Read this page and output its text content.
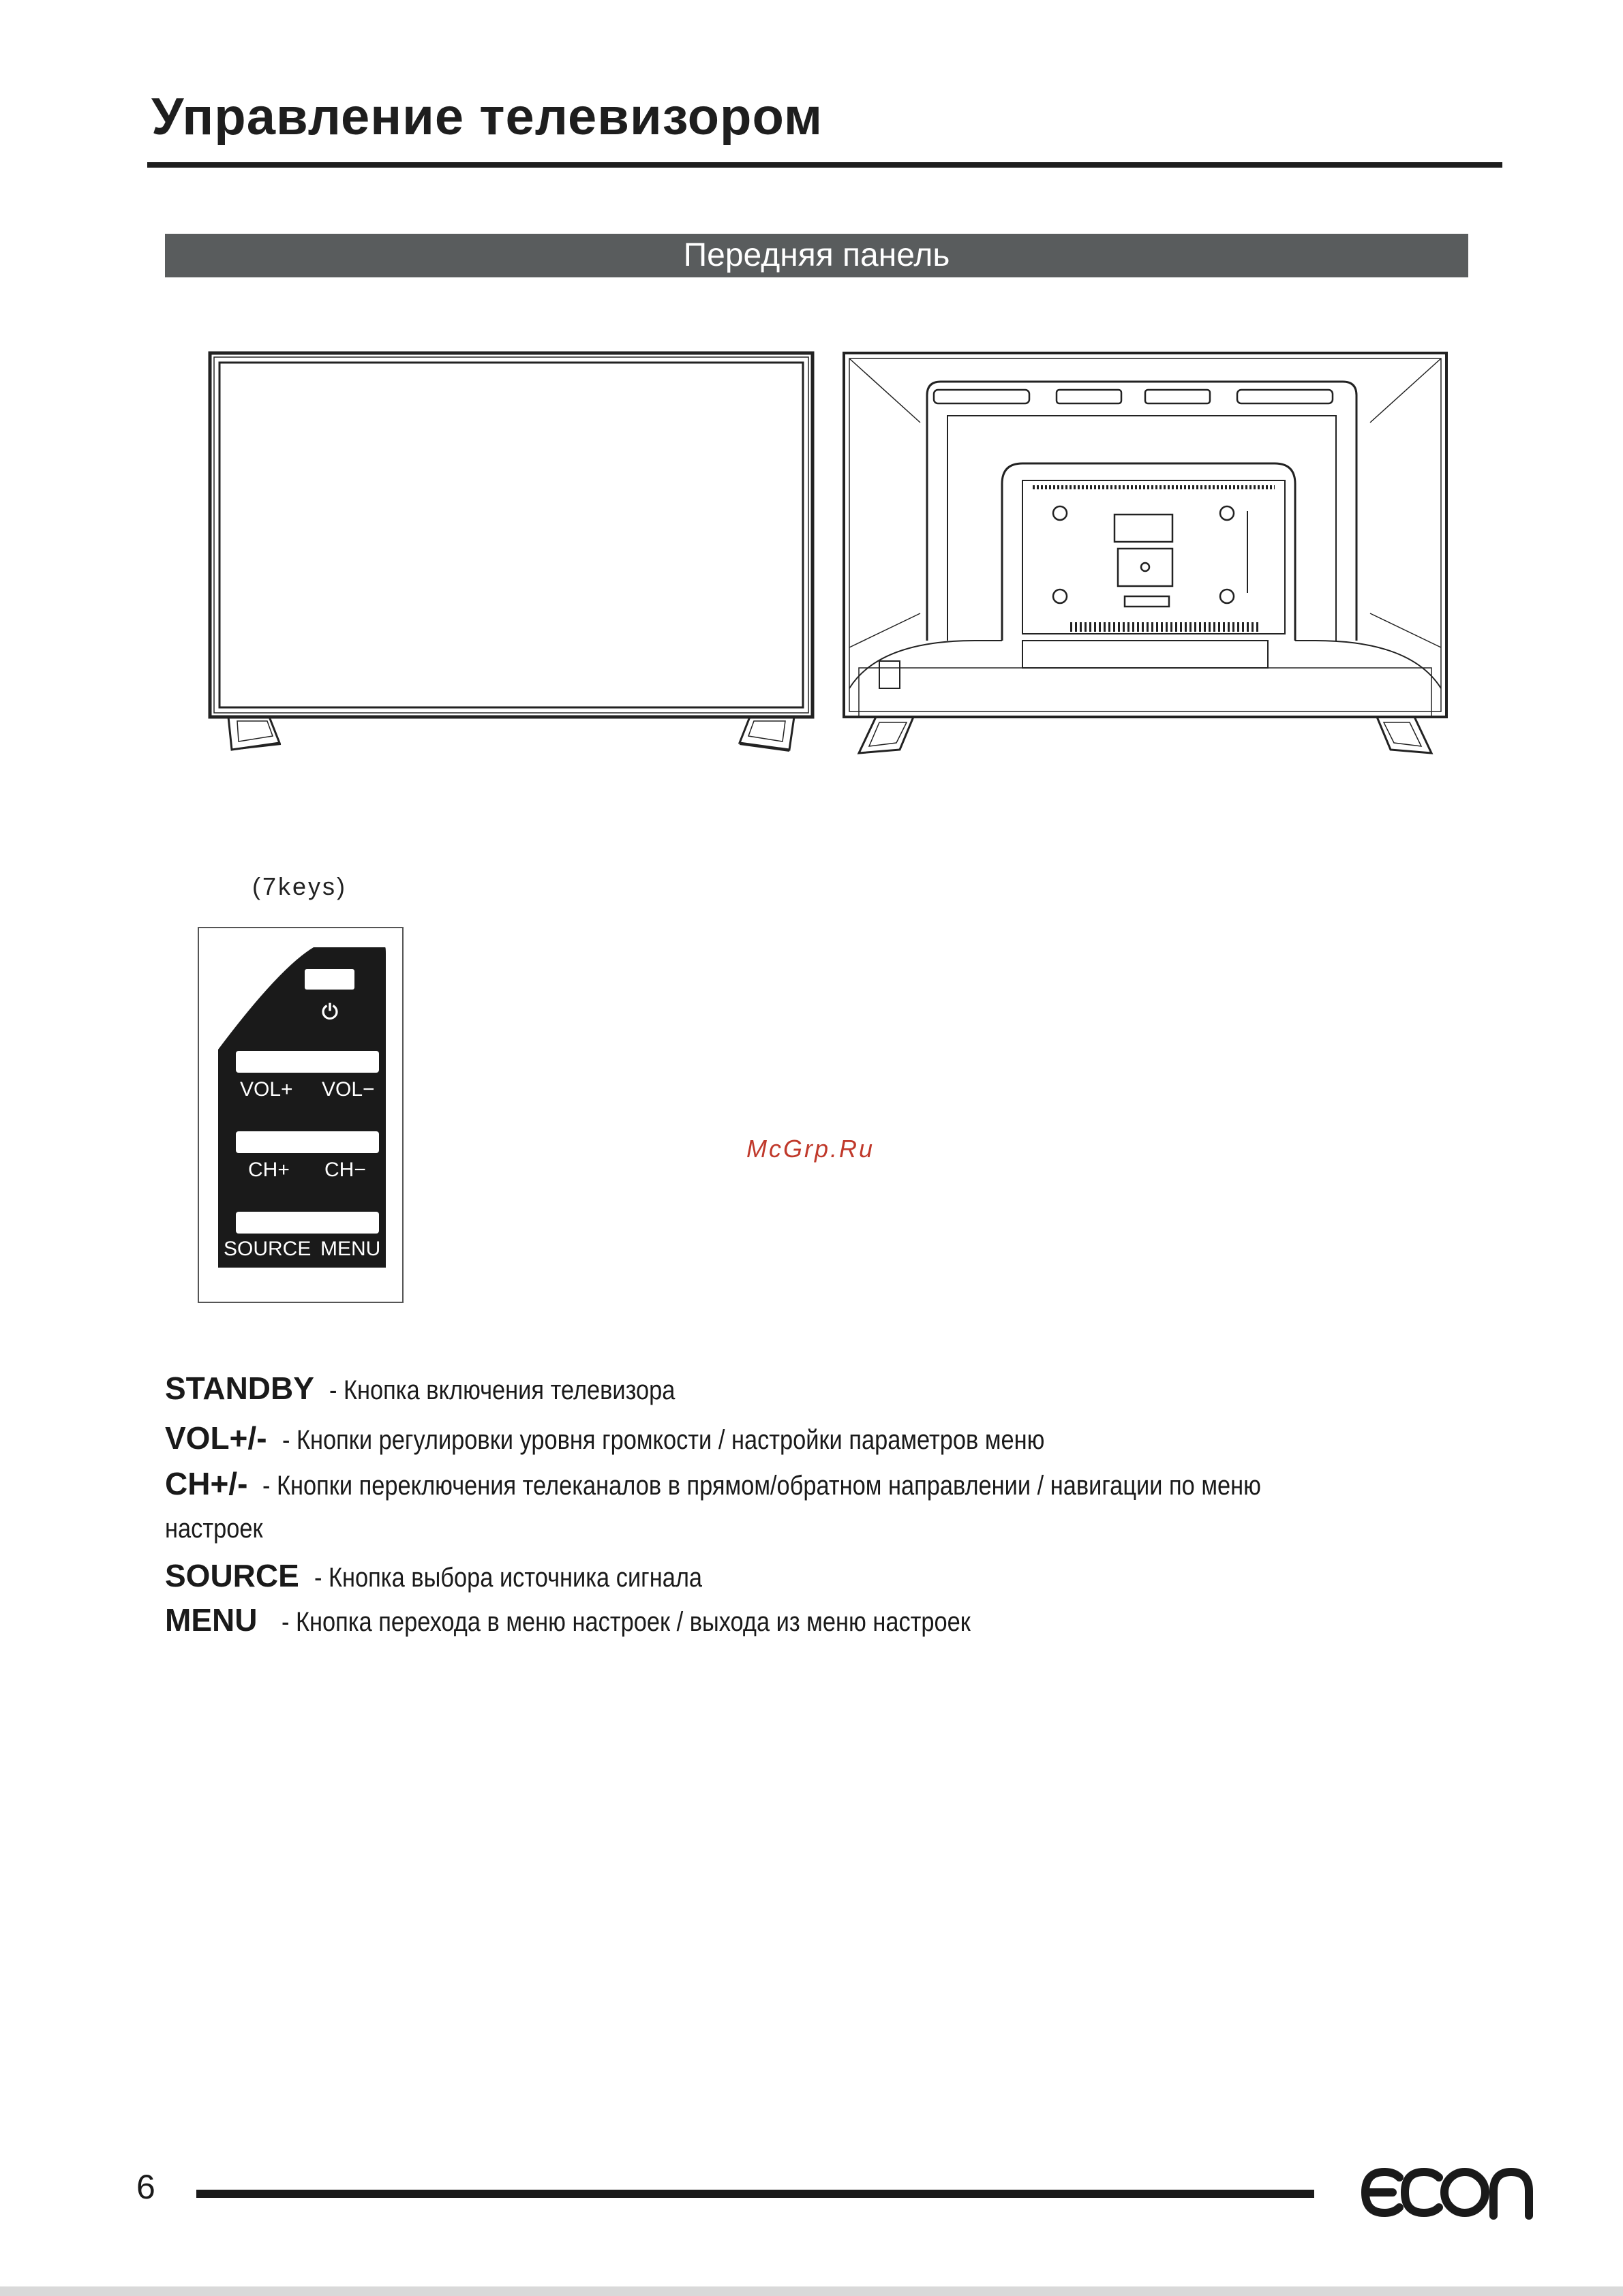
Управление телевизором
Передняя панель
(7keys)
⏻
VOL+ VOL−
CH+ CH−
SOURCE MENU
McGrp.Ru
STANDBY - Кнопка включения телевизора
VOL+/- - Кнопки регулировки уровня громкости / настройки параметров меню
CH+/- - Кнопки переключения телеканалов в прямом/обратном направлении / навигации по меню
настроек
SOURCE - Кнопка выбора источника сигнала
MENU - Кнопка перехода в меню настроек / выхода из меню настроек
6
